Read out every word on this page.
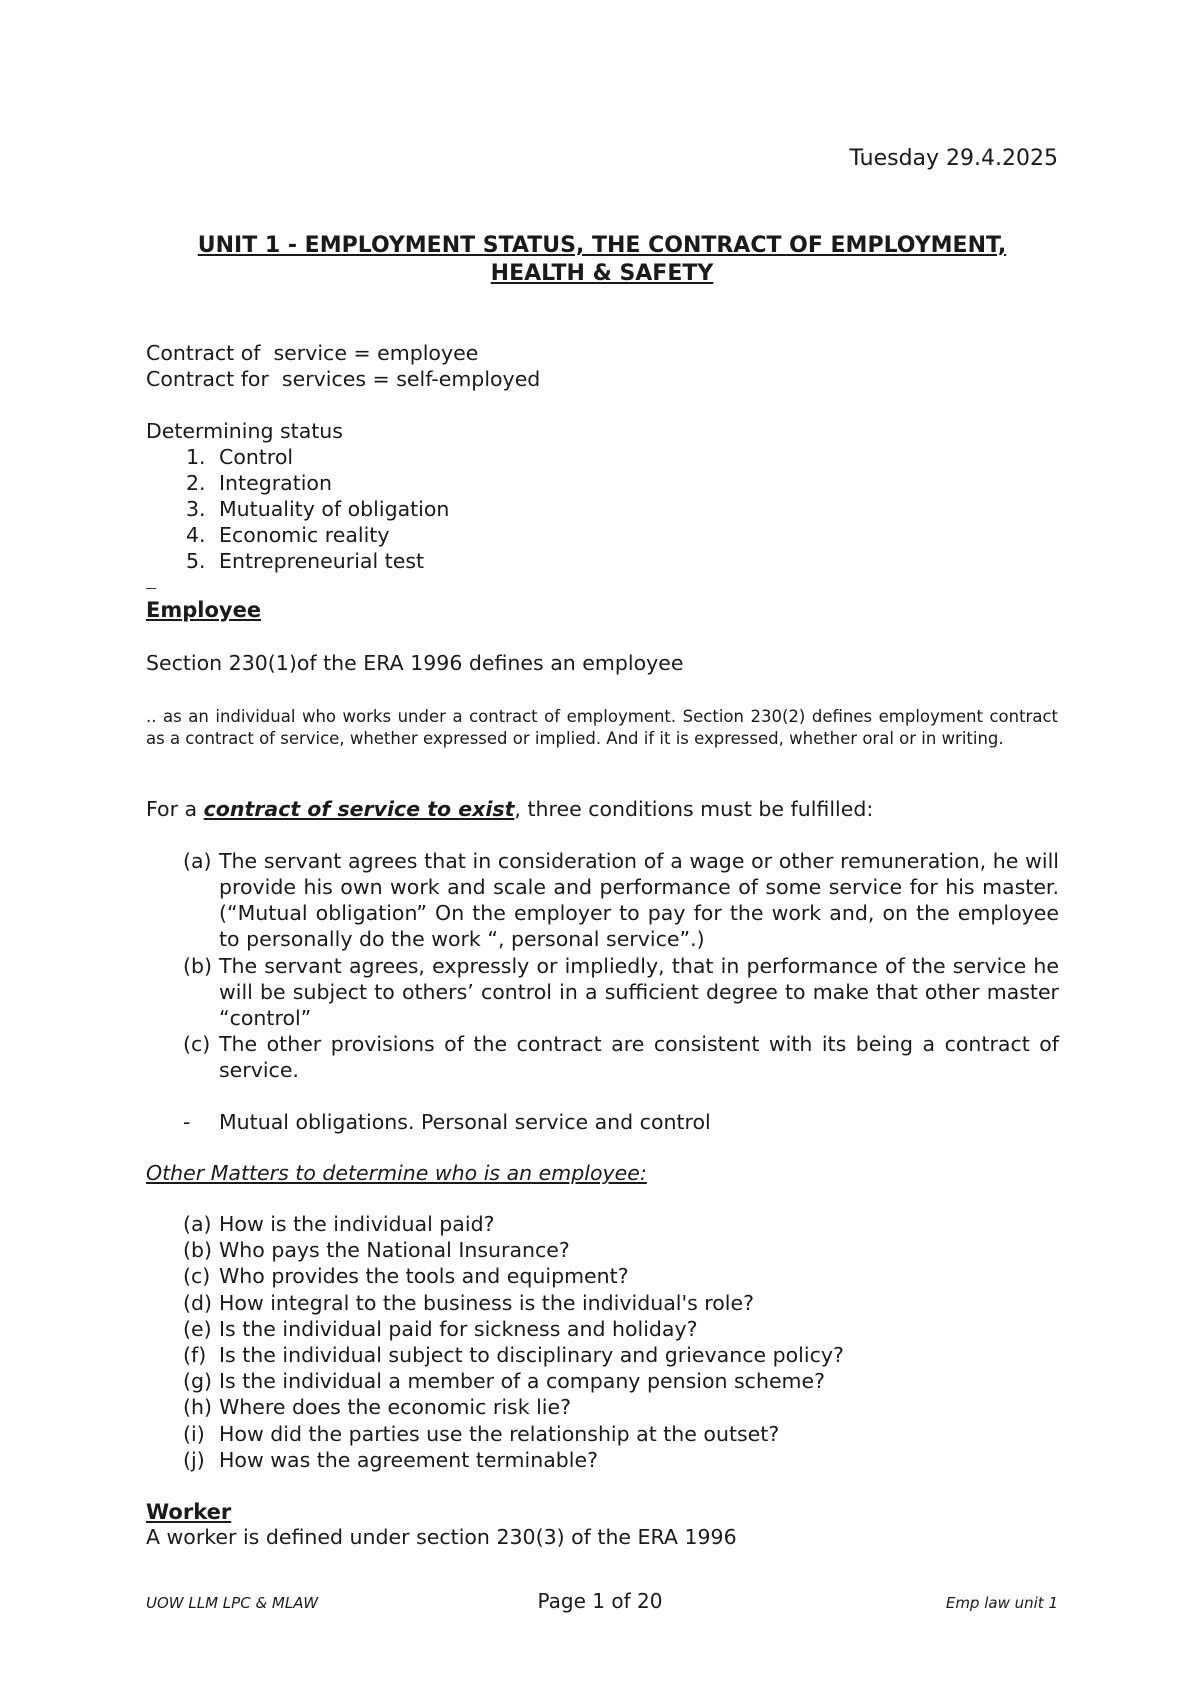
Tuesday 29.4.2025
UNIT 1 - EMPLOYMENT STATUS, THE CONTRACT OF EMPLOYMENT,
HEALTH & SAFETY
Contract of  service = employee
Contract for  services = self-employed
Determining status
1. Control
2. Integration
3. Mutuality of obligation
4. Economic reality
5. Entrepreneurial test
Employee
Section 230(1)of the ERA 1996 defines an employee
.. as an individual who works under a contract of employment. Section 230(2) defines employment contract as a contract of service, whether expressed or implied. And if it is expressed, whether oral or in writing.
For a contract of service to exist, three conditions must be fulfilled:
(a) The servant agrees that in consideration of a wage or other remuneration, he will provide his own work and scale and performance of some service for his master. (“Mutual obligation” On the employer to pay for the work and, on the employee to personally do the work “, personal service”.)
(b) The servant agrees, expressly or impliedly, that in performance of the service he will be subject to others’ control in a sufficient degree to make that other master “control”
(c) The other provisions of the contract are consistent with its being a contract of service.
- Mutual obligations. Personal service and control
Other Matters to determine who is an employee:
(a) How is the individual paid?
(b) Who pays the National Insurance?
(c) Who provides the tools and equipment?
(d) How integral to the business is the individual's role?
(e) Is the individual paid for sickness and holiday?
(f) Is the individual subject to disciplinary and grievance policy?
(g) Is the individual a member of a company pension scheme?
(h) Where does the economic risk lie?
(i) How did the parties use the relationship at the outset?
(j) How was the agreement terminable?
Worker
A worker is defined under section 230(3) of the ERA 1996
UOW LLM LPC & MLAW	Page 1 of 20	Emp law unit 1
